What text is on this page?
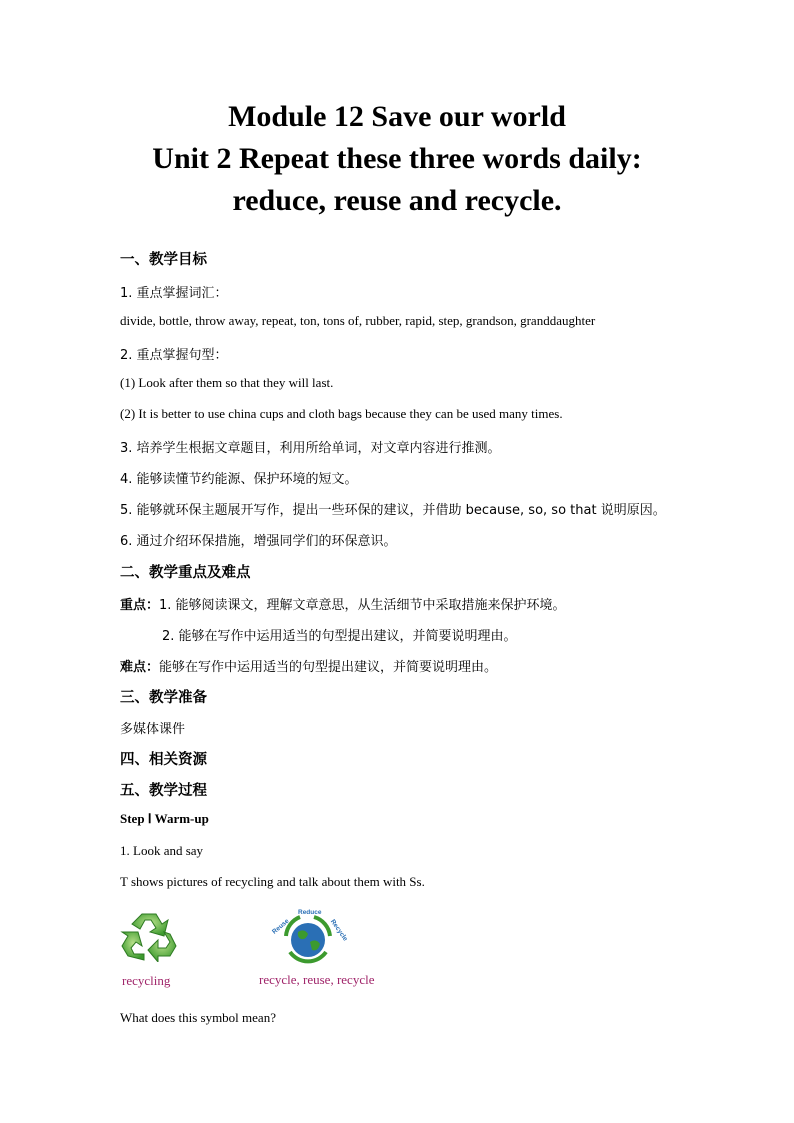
Module 12 Save our world
Unit 2 Repeat these three words daily:
reduce, reuse and recycle.
一、教学目标
1. 重点掌握词汇：
divide, bottle, throw away, repeat, ton, tons of, rubber, rapid, step, grandson, granddaughter
2. 重点掌握句型：
(1) Look after them so that they will last.
(2) It is better to use china cups and cloth bags because they can be used many times.
3. 培养学生根据文章题目，利用所给单词，对文章内容进行推测。
4. 能够读懂节约能源、保护环境的短文。
5. 能够就环保主题展开写作，提出一些环保的建议，并借助 because, so, so that 说明原因。
6. 通过介绍环保措施，增强同学们的环保意识。
二、教学重点及难点
重点：1. 能够阅读课文，理解文章意思，从生活细节中采取措施来保护环境。
2. 能够在写作中运用适当的句型提出建议，并简要说明理由。
难点：能够在写作中运用适当的句型提出建议，并简要说明理由。
三、教学准备
多媒体课件
四、相关资源
五、教学过程
Step Ⅰ Warm-up
1. Look and say
T shows pictures of recycling and talk about them with Ss.
Reuse
Reduce
Recycle
recycling	recycle, reuse, recycle
What does this symbol mean?
